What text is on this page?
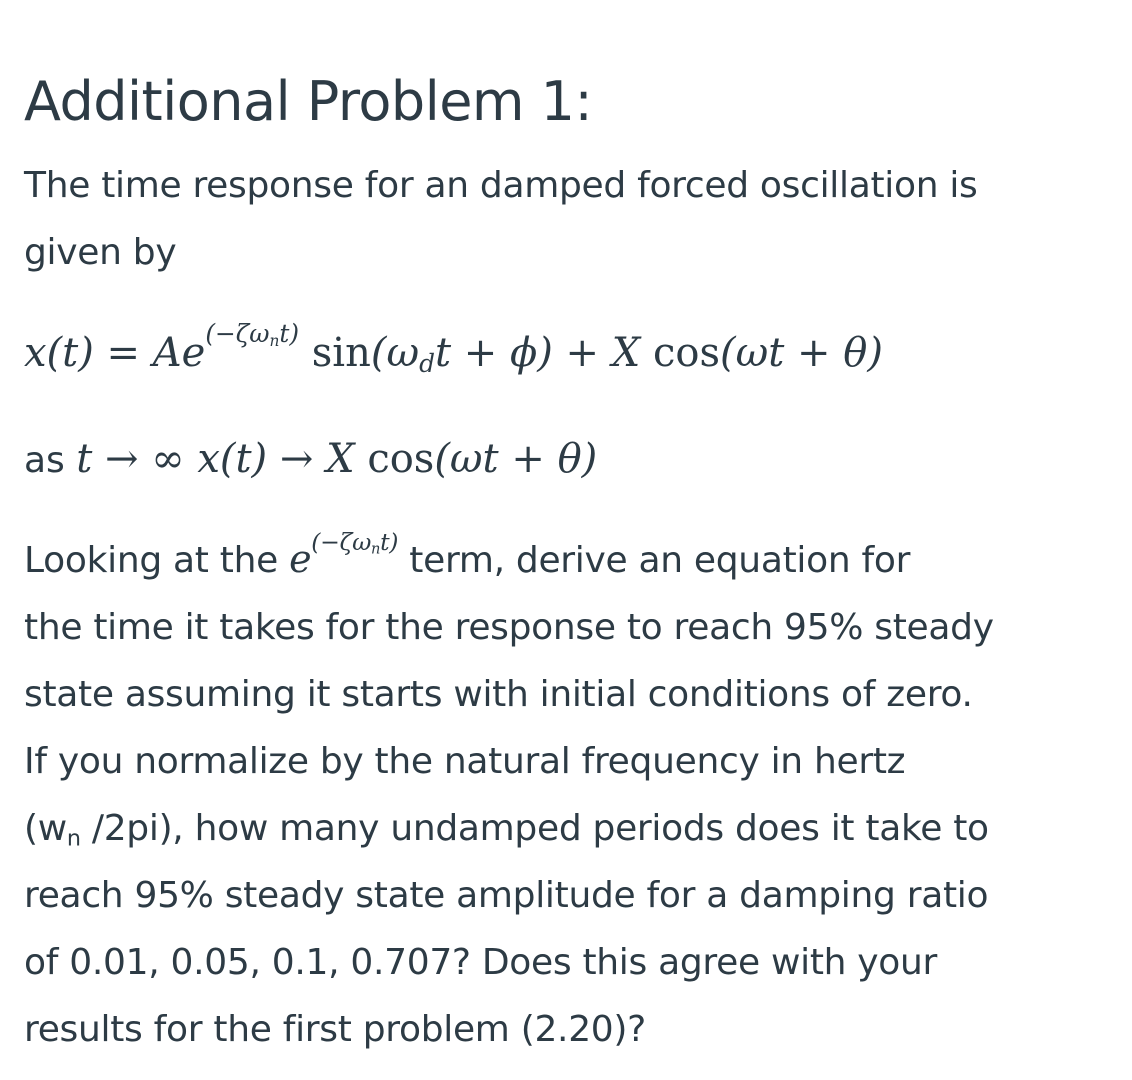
Additional Problem 1:
The time response for an damped forced oscillation is
given by
$x(t) = Ae^{(-\zeta\omega_nt)}$ $\sin(\omega_dt + \phi) + X$ cos(ωt + θ)
as t → ∞ x(t) → X cos(ωt + θ)
Looking at the $e^{(-\zeta\omega_nt)}$ term, derive an equation for
the time it takes for the response to reach 95% steady
state assuming it starts with initial conditions of zero.
If you normalize by the natural frequency in hertz
(wn /2pi), how many undamped periods does it take to
reach 95% steady state amplitude for a damping ratio
of 0.01, 0.05, 0.1, 0.707? Does this agree with your
results for the first problem (2.20)?
